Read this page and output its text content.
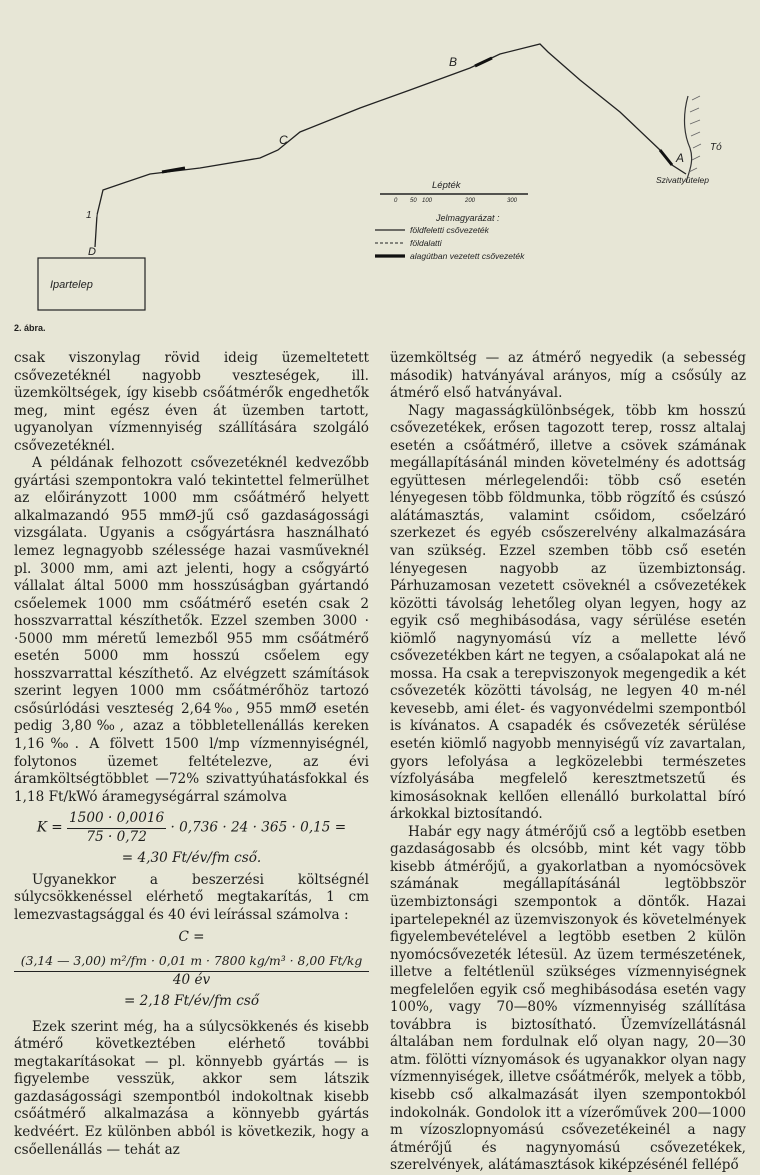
A
B
C
D
1
Tó
Szivattyútelep
Ipartelep
Lépték
0 50 100	200	300
Jelmagyarázat :
földfeletti csővezeték
földalatti
alagútban vezetett csővezeték
2. ábra.

csak viszonylag rövid ideig üzemeltetett csővezetéknél nagyobb veszteségek, ill. üzemköltségek, így kisebb csőátmérők engedhetők meg, mint egész éven át üzemben tartott, ugyanolyan vízmennyiség szállítására szolgáló csővezetéknél.

A példának felhozott csővezetéknél kedvezőbb gyártási szempontokra való tekintettel felmerülhet az előirányzott 1000 mm csőátmérő helyett alkalmazandó 955 mmØ-jű cső gazdaságossági vizsgálata. Ugyanis a csőgyártásra használható lemez legnagyobb szélessége hazai vasműveknél pl. 3000 mm, ami azt jelenti, hogy a csőgyártó vállalat által 5000 mm hosszúságban gyártandó csőelemek 1000 mm csőátmérő esetén csak 2 hosszvarrattal készíthetők. Ezzel szemben 3000 · ·5000 mm méretű lemezből 955 mm csőátmérő esetén 5000 mm hosszú csőelem egy hosszvarrattal készíthető. Az elvégzett számítások szerint legyen 1000 mm csőátmérőhöz tartozó csősúrlódási veszteség 2,64‰, 955 mmØ esetén pedig 3,80‰, azaz a többletellenállás kereken 1,16‰. A fölvett 1500 l/mp vízmennyiségnél, folytonos üzemet feltételezve, az évi áramköltségtöbblet —72% szivattyúhatásfokkal és 1,18 Ft/kWó áramegységárral számolva

$K = \frac{1500 \cdot 0,0016}{75 \cdot 0,72} \cdot 0,736 \cdot 24 \cdot 365 \cdot 0,15$ =
= 4,30 Ft/év/fm cső.

Ugyanekkor a beszerzési költségnél súlycsökkenéssel elérhető megtakarítás, 1 cm lemezvastagsággal és 40 évi leírással számolva :

C =
(3,14 — 3,00) m²/fm · 0,01 m · 7800 kg/m³ · 8,00 Ft/kg
40 év
= 2,18 Ft/év/fm cső

Ezek szerint még, ha a súlycsökkenés és kisebb átmérő következtében elérhető további megtakarításokat — pl. könnyebb gyártás — is figyelembe vesszük, akkor sem látszik gazdaságossági szempontból indokoltnak kisebb csőátmérő alkalmazása a könnyebb gyártás kedvéért. Ez különben abból is következik, hogy a csőellenállás — tehát az

üzemköltség — az átmérő negyedik (a sebesség második) hatványával arányos, míg a csősúly az átmérő első hatványával.

Nagy magasságkülönbségek, több km hosszú csővezetékek, erősen tagozott terep, rossz altalaj esetén a csőátmérő, illetve a csövek számának megállapításánál minden követelmény és adottság együttesen mérlegelendői: több cső esetén lényegesen több földmunka, több rögzítő és csúszó alátámasztás, valamint csőidom, csőelzáró szerkezet és egyéb csőszerelvény alkalmazására van szükség. Ezzel szemben több cső esetén lényegesen nagyobb az üzembiztonság. Párhuzamosan vezetett csöveknél a csővezetékek közötti távolság lehetőleg olyan legyen, hogy az egyik cső meghibásodása, vagy sérülése esetén kiömlő nagynyomású víz a mellette lévő csővezetékben kárt ne tegyen, a csőalapokat alá ne mossa. Ha csak a terepviszonyok megengedik a két csővezeték közötti távolság, ne legyen 40 m-nél kevesebb, ami élet- és vagyonvédelmi szempontból is kívánatos. A csapadék és csővezeték sérülése esetén kiömlő nagyobb mennyiségű víz zavartalan, gyors lefolyása a legközelebbi természetes vízfolyásába megfelelő keresztmetszetű és kimosásoknak kellően ellenálló burkolattal bíró árkokkal biztosítandó.

Habár egy nagy átmérőjű cső a legtöbb esetben gazdaságosabb és olcsóbb, mint két vagy több kisebb átmérőjű, a gyakorlatban a nyomócsövek számának megállapításánál legtöbbször üzembiztonsági szempontok a döntők. Hazai ipartelepeknél az üzemviszonyok és követelmények figyelembevételével a legtöbb esetben 2 külön nyomócsővezeték létesül. Az üzem természetének, illetve a feltétlenül szükséges vízmennyiségnek megfelelően egyik cső meghibásodása esetén vagy 100%, vagy 70—80% vízmennyiség szállítása továbbra is biztosítható. Üzemvízellátásnál általában nem fordulnak elő olyan nagy, 20—30 atm. fölötti víznyomások és ugyanakkor olyan nagy vízmennyiségek, illetve csőátmérők, melyek a több, kisebb cső alkalmazását ilyen szempontokból indokolnák. Gondolok itt a vízerőművek 200—1000 m vízoszlopnyomású csővezetékeinél a nagy átmérőjű és nagynyomású csővezetékek, szerelvények, alátámasztások kiképzésénél fellépő
